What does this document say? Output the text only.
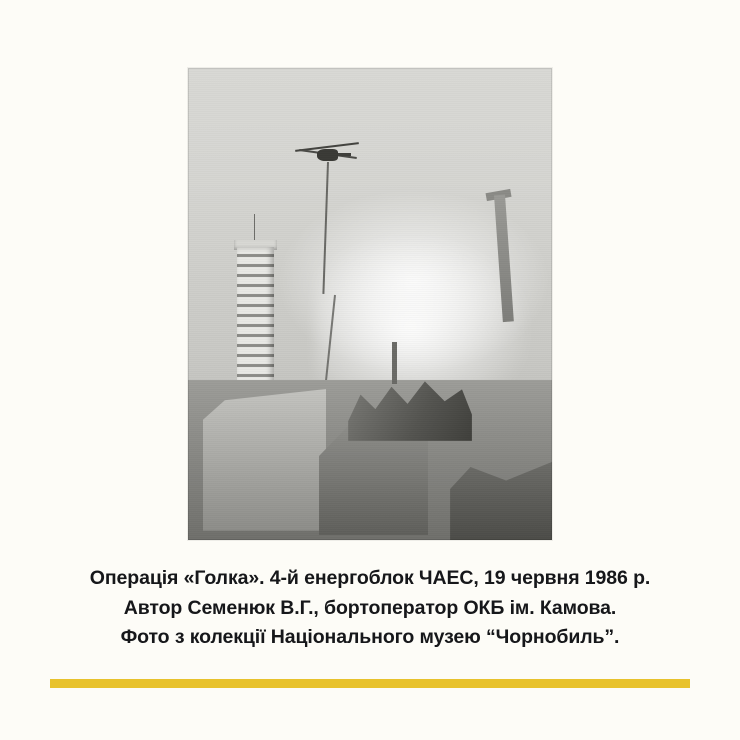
Операція «Голка». 4-й енергоблок ЧАЕС, 19 червня 1986 р.
Автор Семенюк В.Г., бортоператор ОКБ ім. Камова.
Фото з колекції Національного музею “Чорнобиль”.
